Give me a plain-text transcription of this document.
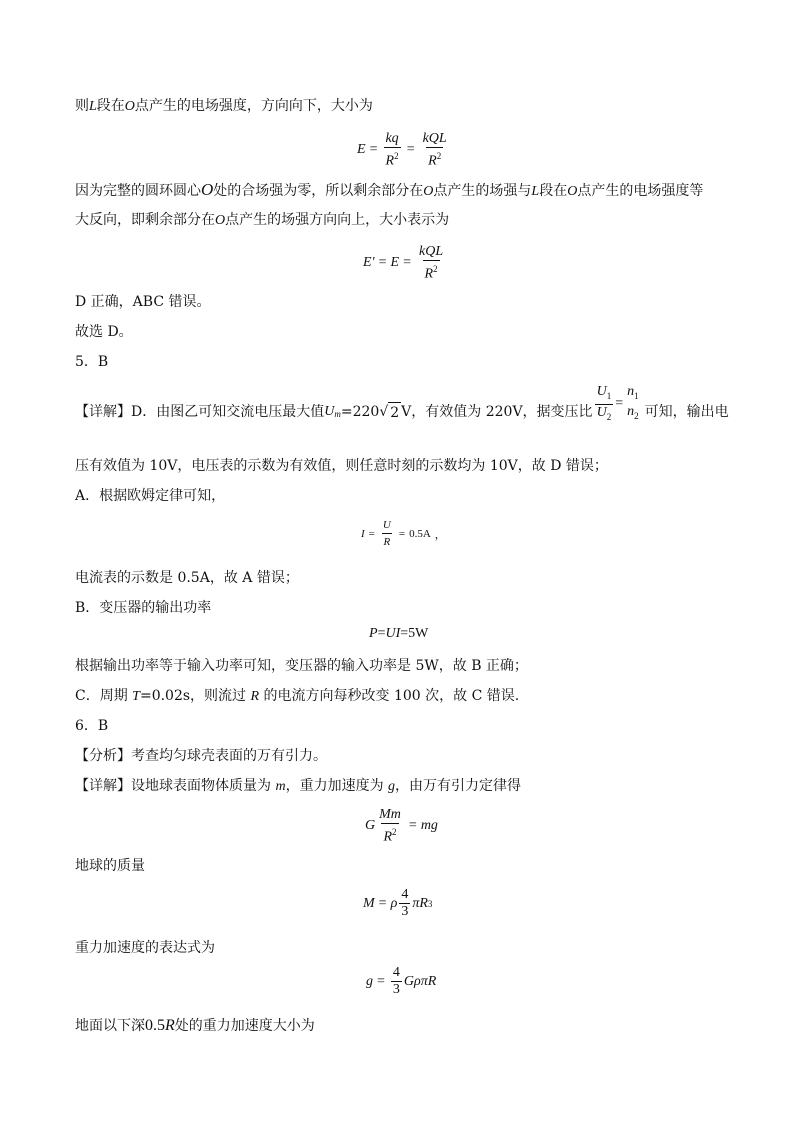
则L段在O点产生的电场强度，方向向下，大小为
$E = \frac{kq}{R^2} = \frac{\text{kQL}}{R^2}$
因为完整的圆环圆心O处的合场强为零，所以剩余部分在O点产生的场强与L段在O点产生的电场强度等
大反向，即剩余部分在O点产生的场强方向向上，大小表示为
$E' = E = \frac{\text{kQL}}{R^2}$
D 正确，ABC 错误。
故选 D。
5．B
【详解】D．由图乙可知交流电压最大值 U m =220 √ 2 V，有效值为 220V，据变压比 $\frac{U_1}{U_2}$ =
$n_1$
$n_2$ 可知，输出电
压有效值为 10V，电压表的示数为有效值，则任意时刻的示数均为 10V，故 D 错误；
A．根据欧姆定律可知，
$I = \frac{U}{R} = 0.5A$ ，
电流表的示数是 0.5A，故 A 错误；
B．变压器的输出功率
P = UI =5W
根据输出功率等于输入功率可知，变压器的输入功率是 5W，故 B 正确；
C．周期 T=0.02s，则流过 R 的电流方向每秒改变 100 次，故 C 错误.
6．B
【分析】考查均匀球壳表面的万有引力。
【详解】设地球表面物体质量为 m，重力加速度为 g，由万有引力定律得
G $\frac{Mm}{R^2}$ = mg
地球的质量
M = ρ $\frac{4}{3}$ π R 3
重力加速度的表达式为
$g = \frac{4}{3}$ GρπR
地面以下深0.5R处的重力加速度大小为
